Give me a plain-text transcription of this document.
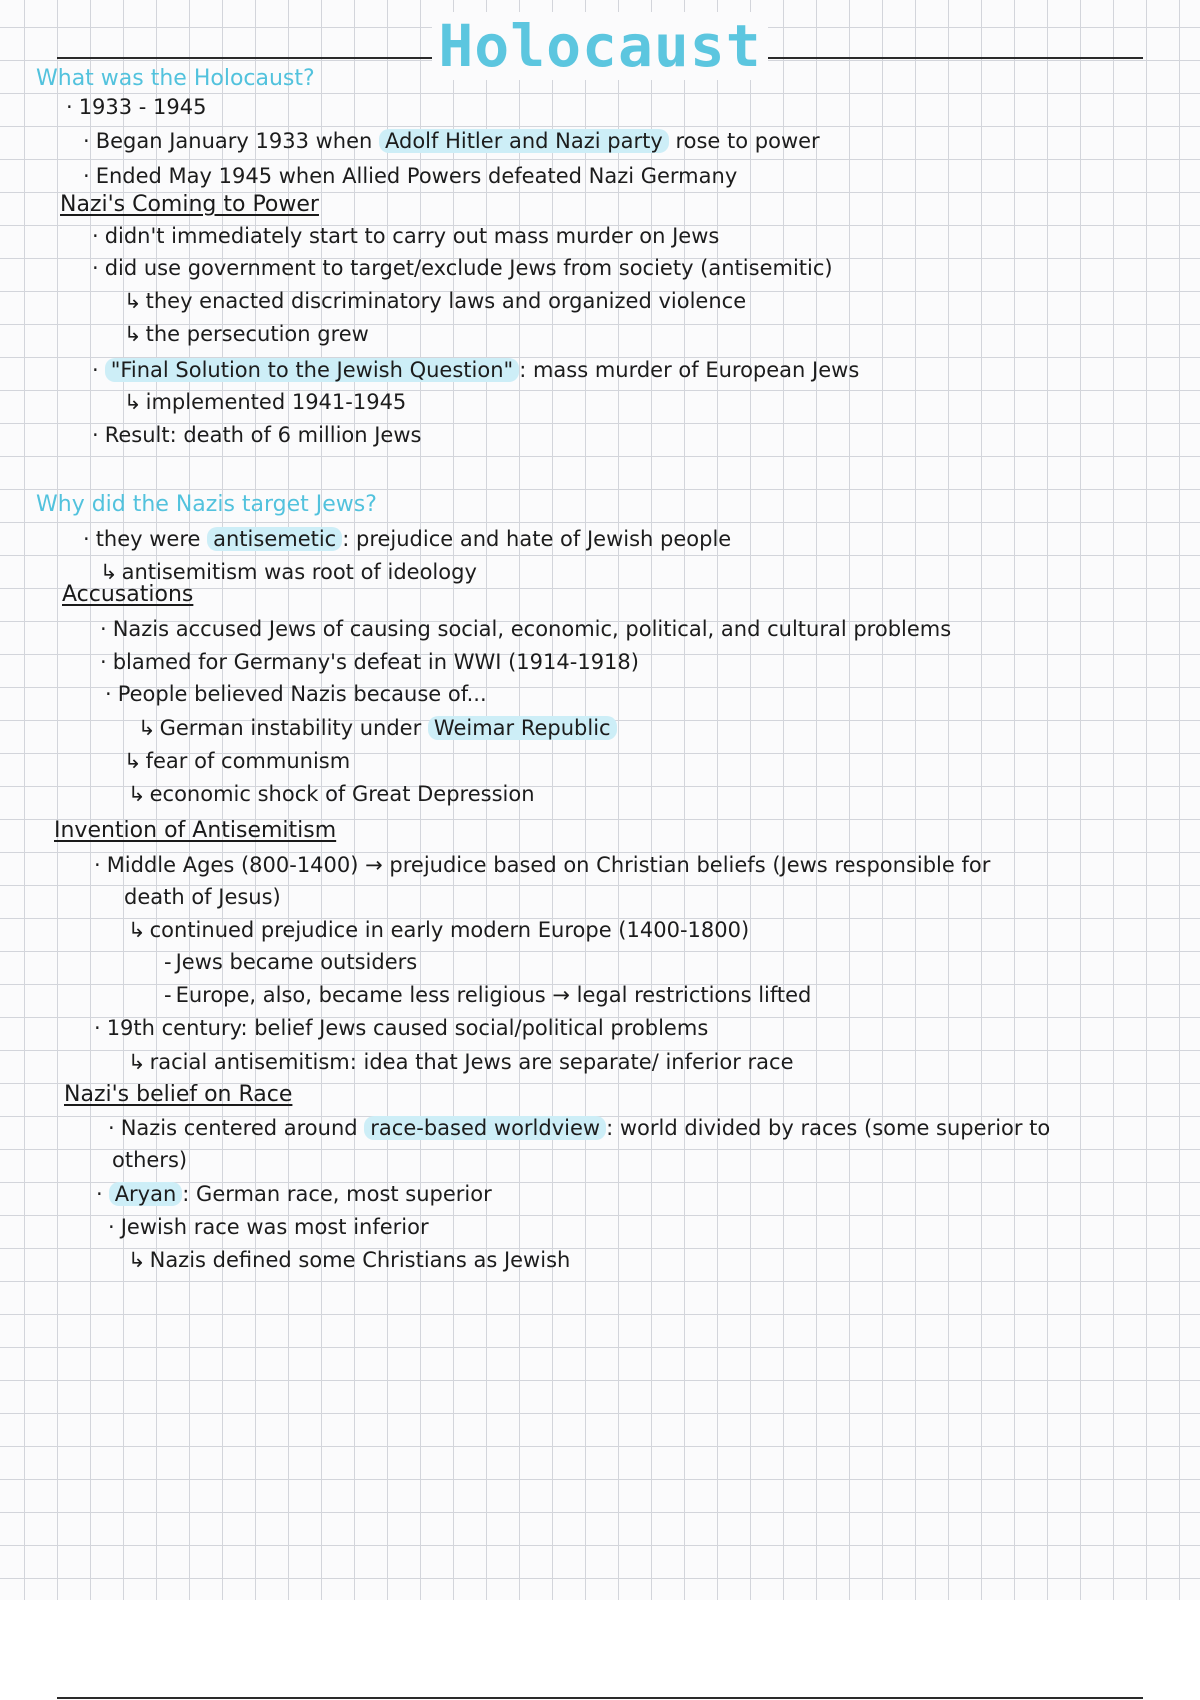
Holocaust
What was the Holocaust?
· 1933 - 1945
· Began January 1933 when Adolf Hitler and Nazi party rose to power
· Ended May 1945 when Allied Powers defeated Nazi Germany
Nazi's Coming to Power
· didn't immediately start to carry out mass murder on Jews
· did use government to target/exclude Jews from society (antisemitic)
↳ they enacted discriminatory laws and organized violence
↳ the persecution grew
· "Final Solution to the Jewish Question" : mass murder of European Jews
↳ implemented 1941-1945
· Result: death of 6 million Jews
Why did the Nazis target Jews?
· they were antisemetic : prejudice and hate of Jewish people
↳ antisemitism was root of ideology
Accusations
· Nazis accused Jews of causing social, economic, political, and cultural problems
· blamed for Germany's defeat in WWI (1914-1918)
· People believed Nazis because of...
↳ German instability under Weimar Republic
↳ fear of communism
↳ economic shock of Great Depression
Invention of Antisemitism
· Middle Ages (800-1400) → prejudice based on Christian beliefs (Jews responsible for
death of Jesus)
↳ continued prejudice in early modern Europe (1400-1800)
- Jews became outsiders
- Europe, also, became less religious → legal restrictions lifted
· 19th century: belief Jews caused social/political problems
↳ racial antisemitism: idea that Jews are separate/ inferior race
Nazi's belief on Race
· Nazis centered around race-based worldview : world divided by races (some superior to
others)
· Aryan : German race, most superior
· Jewish race was most inferior
↳ Nazis defined some Christians as Jewish
